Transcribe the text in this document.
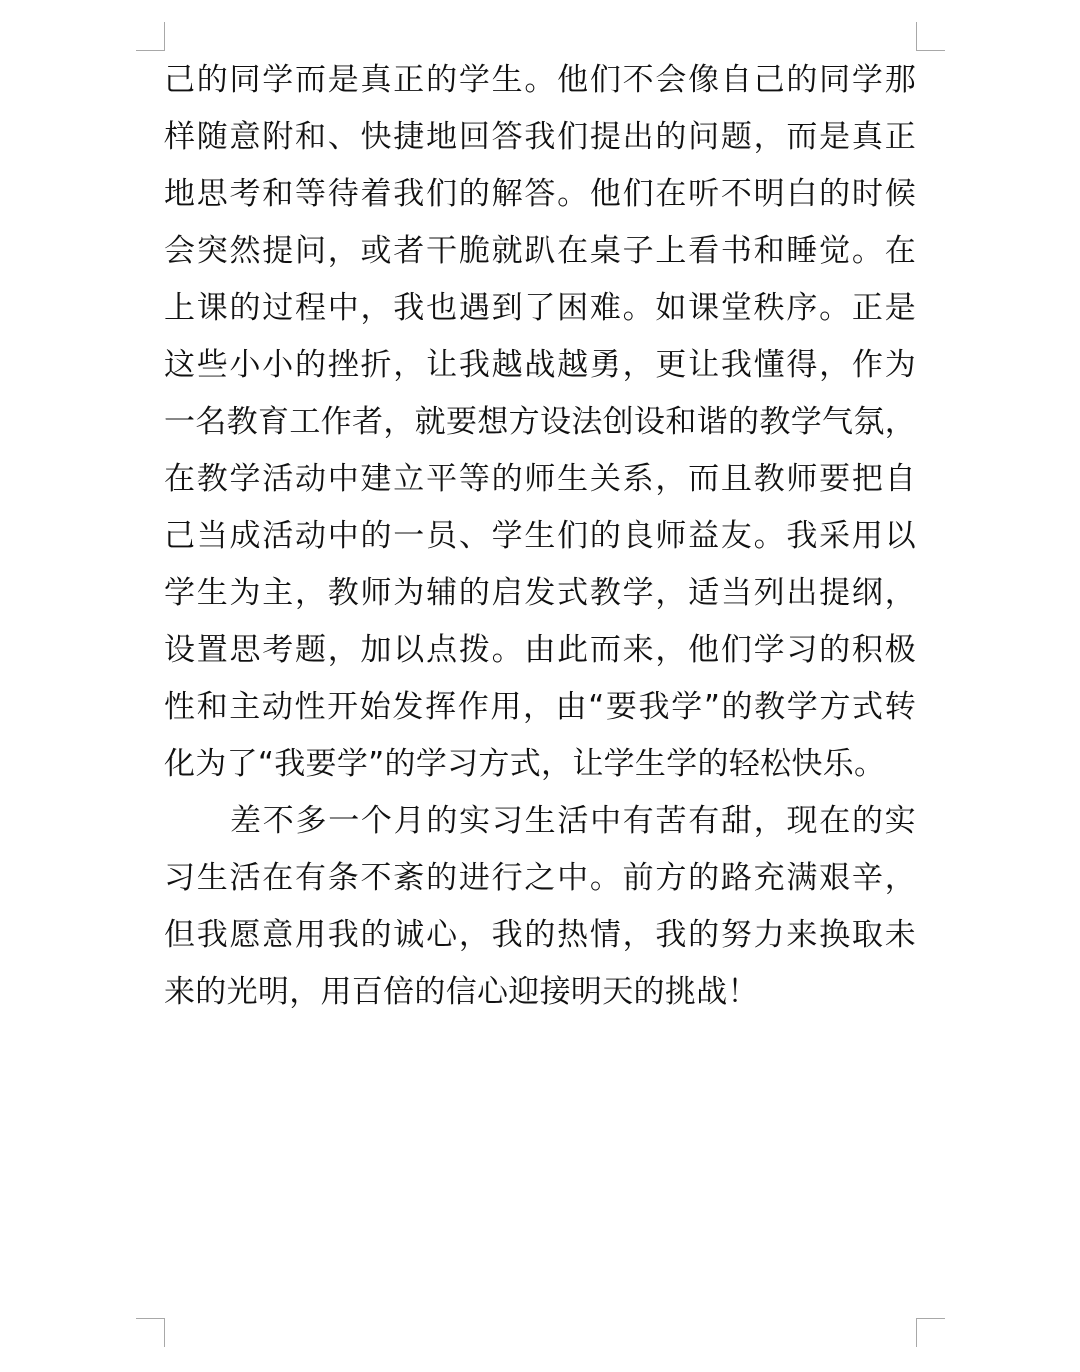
己的同学而是真正的学生。他们不会像自己的同学那
样随意附和、快捷地回答我们提出的问题，而是真正
地思考和等待着我们的解答。他们在听不明白的时候
会突然提问，或者干脆就趴在桌子上看书和睡觉。在
上课的过程中，我也遇到了困难。如课堂秩序。正是
这些小小的挫折，让我越战越勇，更让我懂得，作为
一名教育工作者，就要想方设法创设和谐的教学气氛，
在教学活动中建立平等的师生关系，而且教师要把自
己当成活动中的一员、学生们的良师益友。我采用以
学生为主，教师为辅的启发式教学，适当列出提纲，
设置思考题，加以点拨。由此而来，他们学习的积极
性和主动性开始发挥作用，由“要我学”的教学方式转
化为了“我要学”的学习方式，让学生学的轻松快乐。
差不多一个月的实习生活中有苦有甜，现在的实
习生活在有条不紊的进行之中。前方的路充满艰辛，
但我愿意用我的诚心，我的热情，我的努力来换取未
来的光明，用百倍的信心迎接明天的挑战！
